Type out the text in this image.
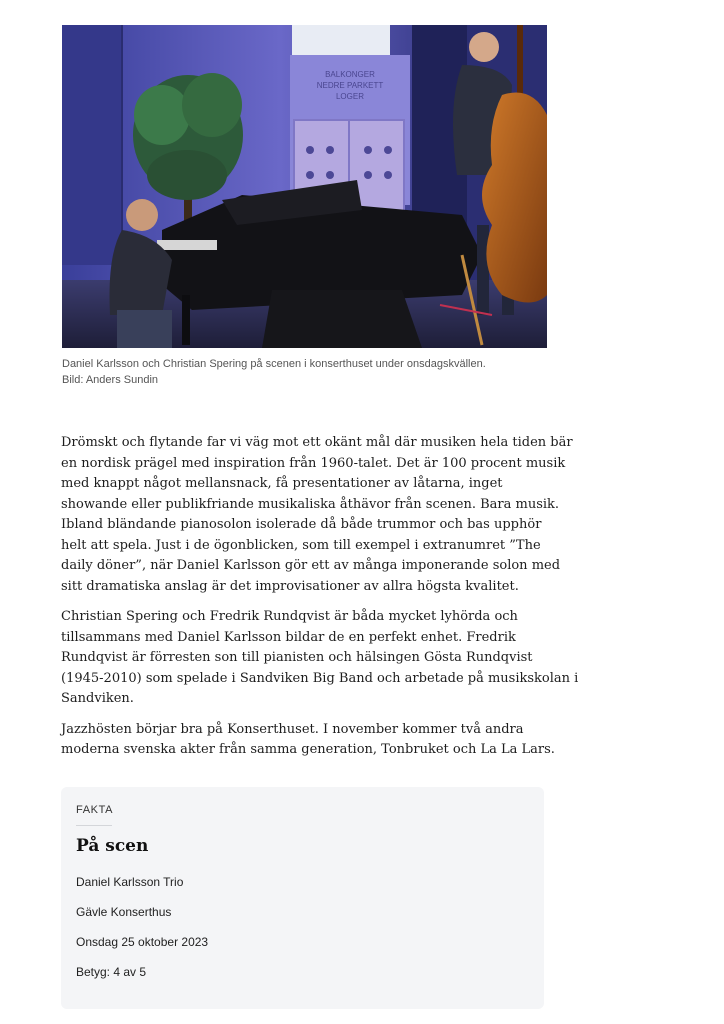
BALKONGER
NEDRE PARKETT
LOGER
Daniel Karlsson och Christian Spering på scenen i konserthuset under onsdagskvällen.
Bild: Anders Sundin

Drömskt och flytande far vi väg mot ett okänt mål där musiken hela tiden bär
en nordisk prägel med inspiration från 1960-talet. Det är 100 procent musik
med knappt något mellansnack, få presentationer av låtarna, inget
showande eller publikfriande musikaliska åthävor från scenen. Bara musik.
Ibland bländande pianosolon isolerade då både trummor och bas upphör
helt att spela. Just i de ögonblicken, som till exempel i extranumret ”The
daily döner”, när Daniel Karlsson gör ett av många imponerande solon med
sitt dramatiska anslag är det improvisationer av allra högsta kvalitet.

Christian Spering och Fredrik Rundqvist är båda mycket lyhörda och
tillsammans med Daniel Karlsson bildar de en perfekt enhet. Fredrik
Rundqvist är förresten son till pianisten och hälsingen Gösta Rundqvist
(1945-2010) som spelade i Sandviken Big Band och arbetade på musikskolan i
Sandviken.

Jazzhösten börjar bra på Konserthuset. I november kommer två andra
moderna svenska akter från samma generation, Tonbruket och La La Lars.

FAKTA
På scen
Daniel Karlsson Trio
Gävle Konserthus
Onsdag 25 oktober 2023
Betyg: 4 av 5
